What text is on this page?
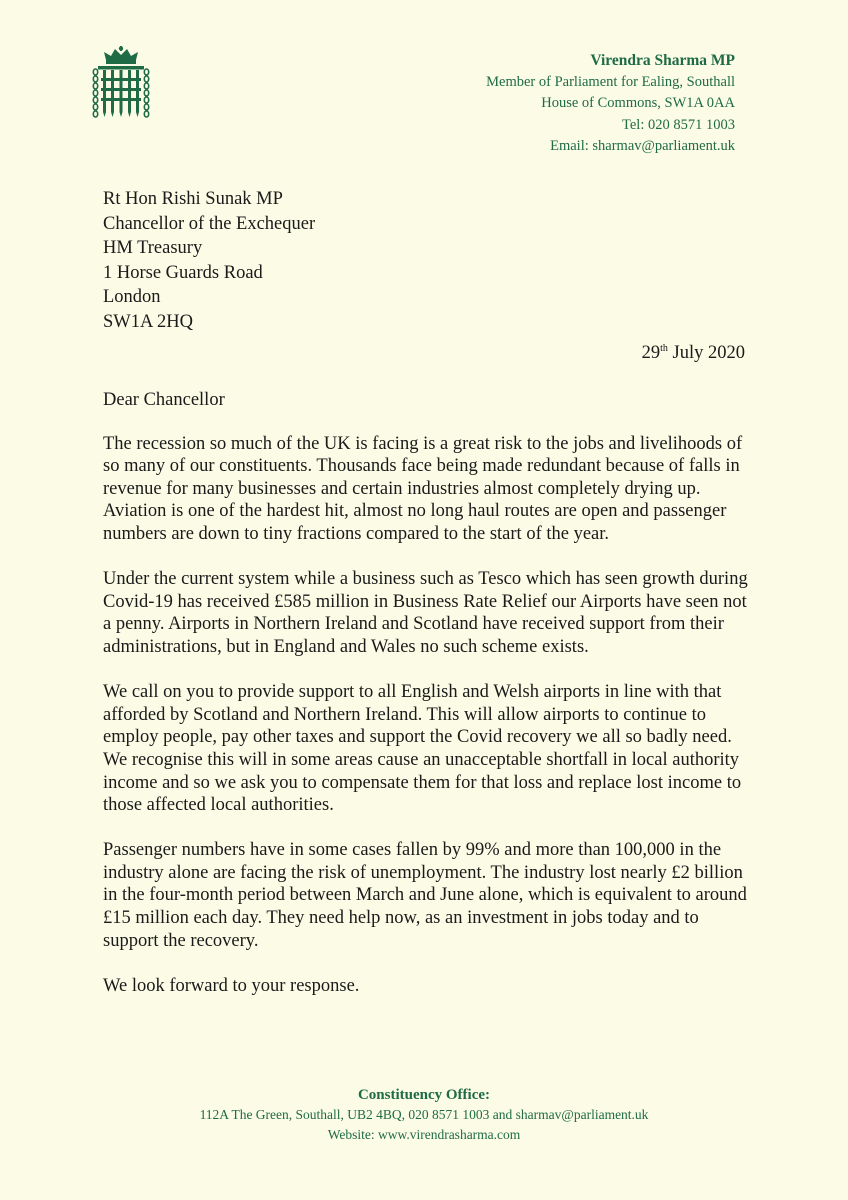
Virendra Sharma MP
Member of Parliament for Ealing, Southall
House of Commons, SW1A 0AA
Tel: 020 8571 1003
Email: sharmav@parliament.uk
Rt Hon Rishi Sunak MP
Chancellor of the Exchequer
HM Treasury
1 Horse Guards Road
London
SW1A 2HQ
29th July 2020

Dear Chancellor

The recession so much of the UK is facing is a great risk to the jobs and livelihoods of so many of our constituents. Thousands face being made redundant because of falls in revenue for many businesses and certain industries almost completely drying up. Aviation is one of the hardest hit, almost no long haul routes are open and passenger numbers are down to tiny fractions compared to the start of the year.

Under the current system while a business such as Tesco which has seen growth during Covid-19 has received £585 million in Business Rate Relief our Airports have seen not a penny. Airports in Northern Ireland and Scotland have received support from their administrations, but in England and Wales no such scheme exists.

We call on you to provide support to all English and Welsh airports in line with that afforded by Scotland and Northern Ireland. This will allow airports to continue to employ people, pay other taxes and support the Covid recovery we all so badly need. We recognise this will in some areas cause an unacceptable shortfall in local authority income and so we ask you to compensate them for that loss and replace lost income to those affected local authorities.

Passenger numbers have in some cases fallen by 99% and more than 100,000 in the industry alone are facing the risk of unemployment. The industry lost nearly £2 billion in the four-month period between March and June alone, which is equivalent to around £15 million each day. They need help now, as an investment in jobs today and to support the recovery.

We look forward to your response.

Constituency Office:
112A The Green, Southall, UB2 4BQ, 020 8571 1003 and sharmav@parliament.uk
Website: www.virendrasharma.com
